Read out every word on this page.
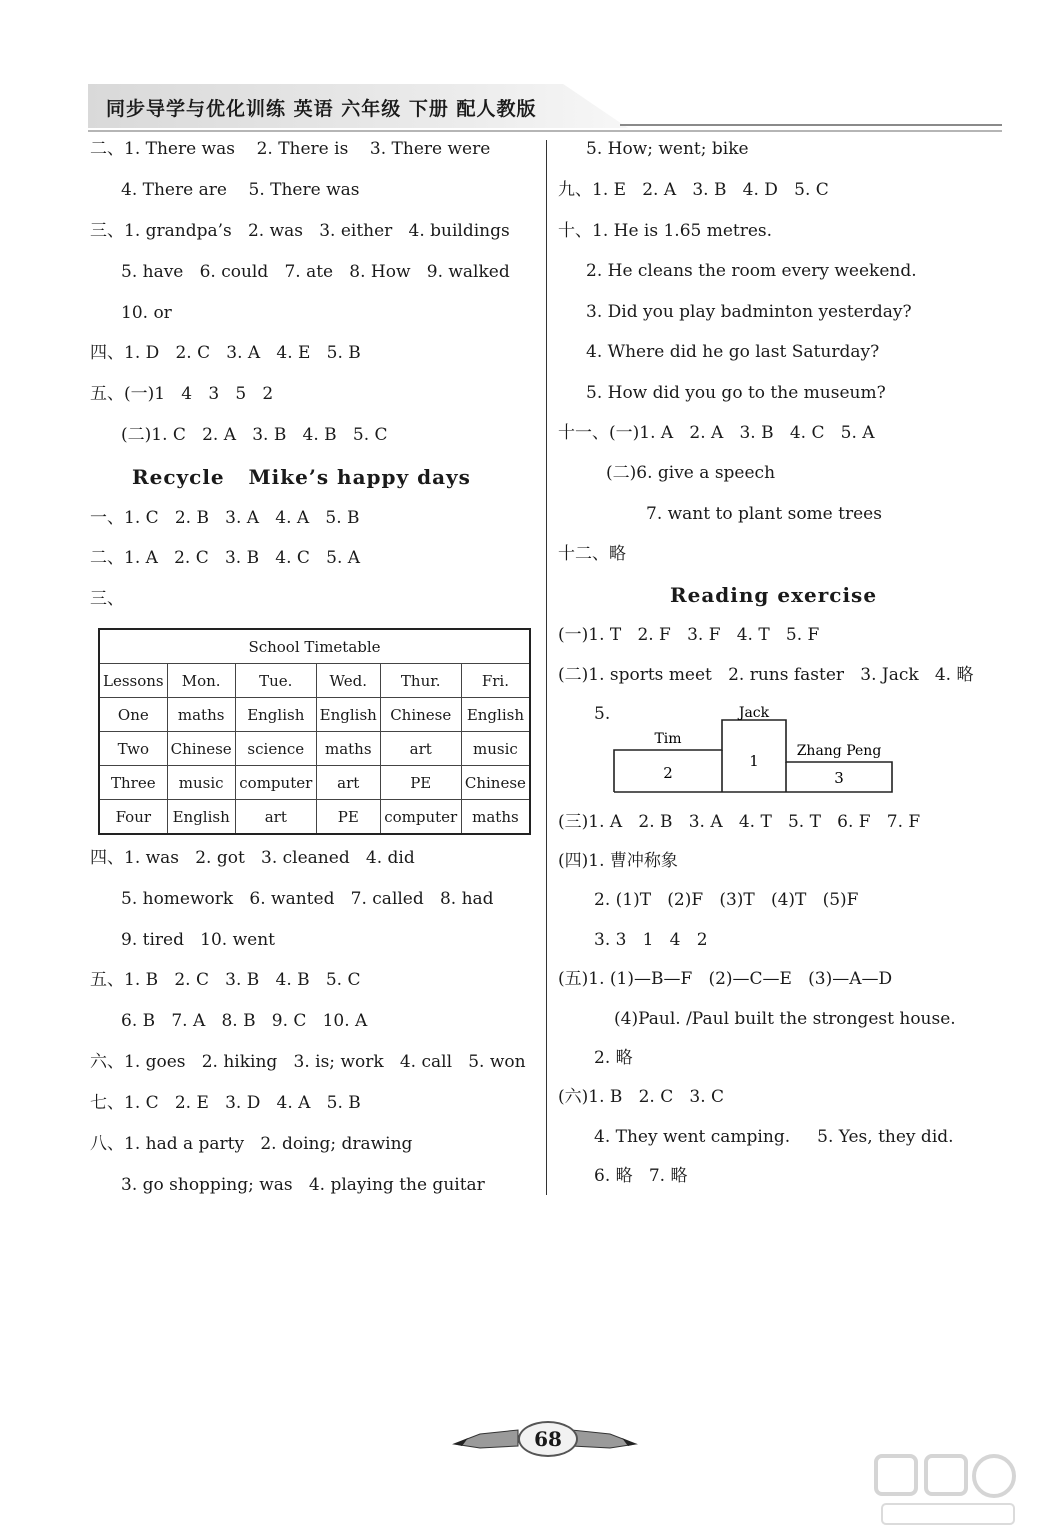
同步导学与优化训练 英语 六年级 下册 配人教版
二、1. There was    2. There is    3. There were
4. There are    5. There was
三、1. grandpa’s   2. was   3. either   4. buildings
5. have   6. could   7. ate   8. How   9. walked
10. or
四、1. D   2. C   3. A   4. E   5. B
五、(一)1   4   3   5   2
(二)1. C   2. A   3. B   4. B   5. C
Recycle   Mike’s happy days
一、1. C   2. B   3. A   4. A   5. B
二、1. A   2. C   3. B   4. C   5. A
三、
School Timetable					
Lessons	Mon.	Tue.	Wed.	Thur.	Fri.
One	maths	English	English	Chinese	English
Two	Chinese	science	maths	art	music
Three	music	computer	art	PE	Chinese
Four	English	art	PE	computer	maths
四、1. was   2. got   3. cleaned   4. did
5. homework   6. wanted   7. called   8. had
9. tired   10. went
五、1. B   2. C   3. B   4. B   5. C
6. B   7. A   8. B   9. C   10. A
六、1. goes   2. hiking   3. is; work   4. call   5. won
七、1. C   2. E   3. D   4. A   5. B
八、1. had a party   2. doing; drawing
3. go shopping; was   4. playing the guitar
5. How; went; bike
九、1. E   2. A   3. B   4. D   5. C
十、1. He is 1.65 metres.
2. He cleans the room every weekend.
3. Did you play badminton yesterday?
4. Where did he go last Saturday?
5. How did you go to the museum?
十一、(一)1. A   2. A   3. B   4. C   5. A
(二)6. give a speech
7. want to plant some trees
十二、略
Reading exercise
(一)1. T   2. F   3. F   4. T   5. F
(二)1. sports meet   2. runs faster   3. Jack   4. 略
5.	Jack
Tim
Zhang Peng
1
2	3
(三)1. A   2. B   3. A   4. T   5. T   6. F   7. F
(四)1. 曹冲称象
2. (1)T   (2)F   (3)T   (4)T   (5)F
3. 3   1   4   2
(五)1. (1)—B—F   (2)—C—E   (3)—A—D
(4)Paul. /Paul built the strongest house.
2. 略
(六)1. B   2. C   3. C
4. They went camping.     5. Yes, they did.
6. 略   7. 略
68
